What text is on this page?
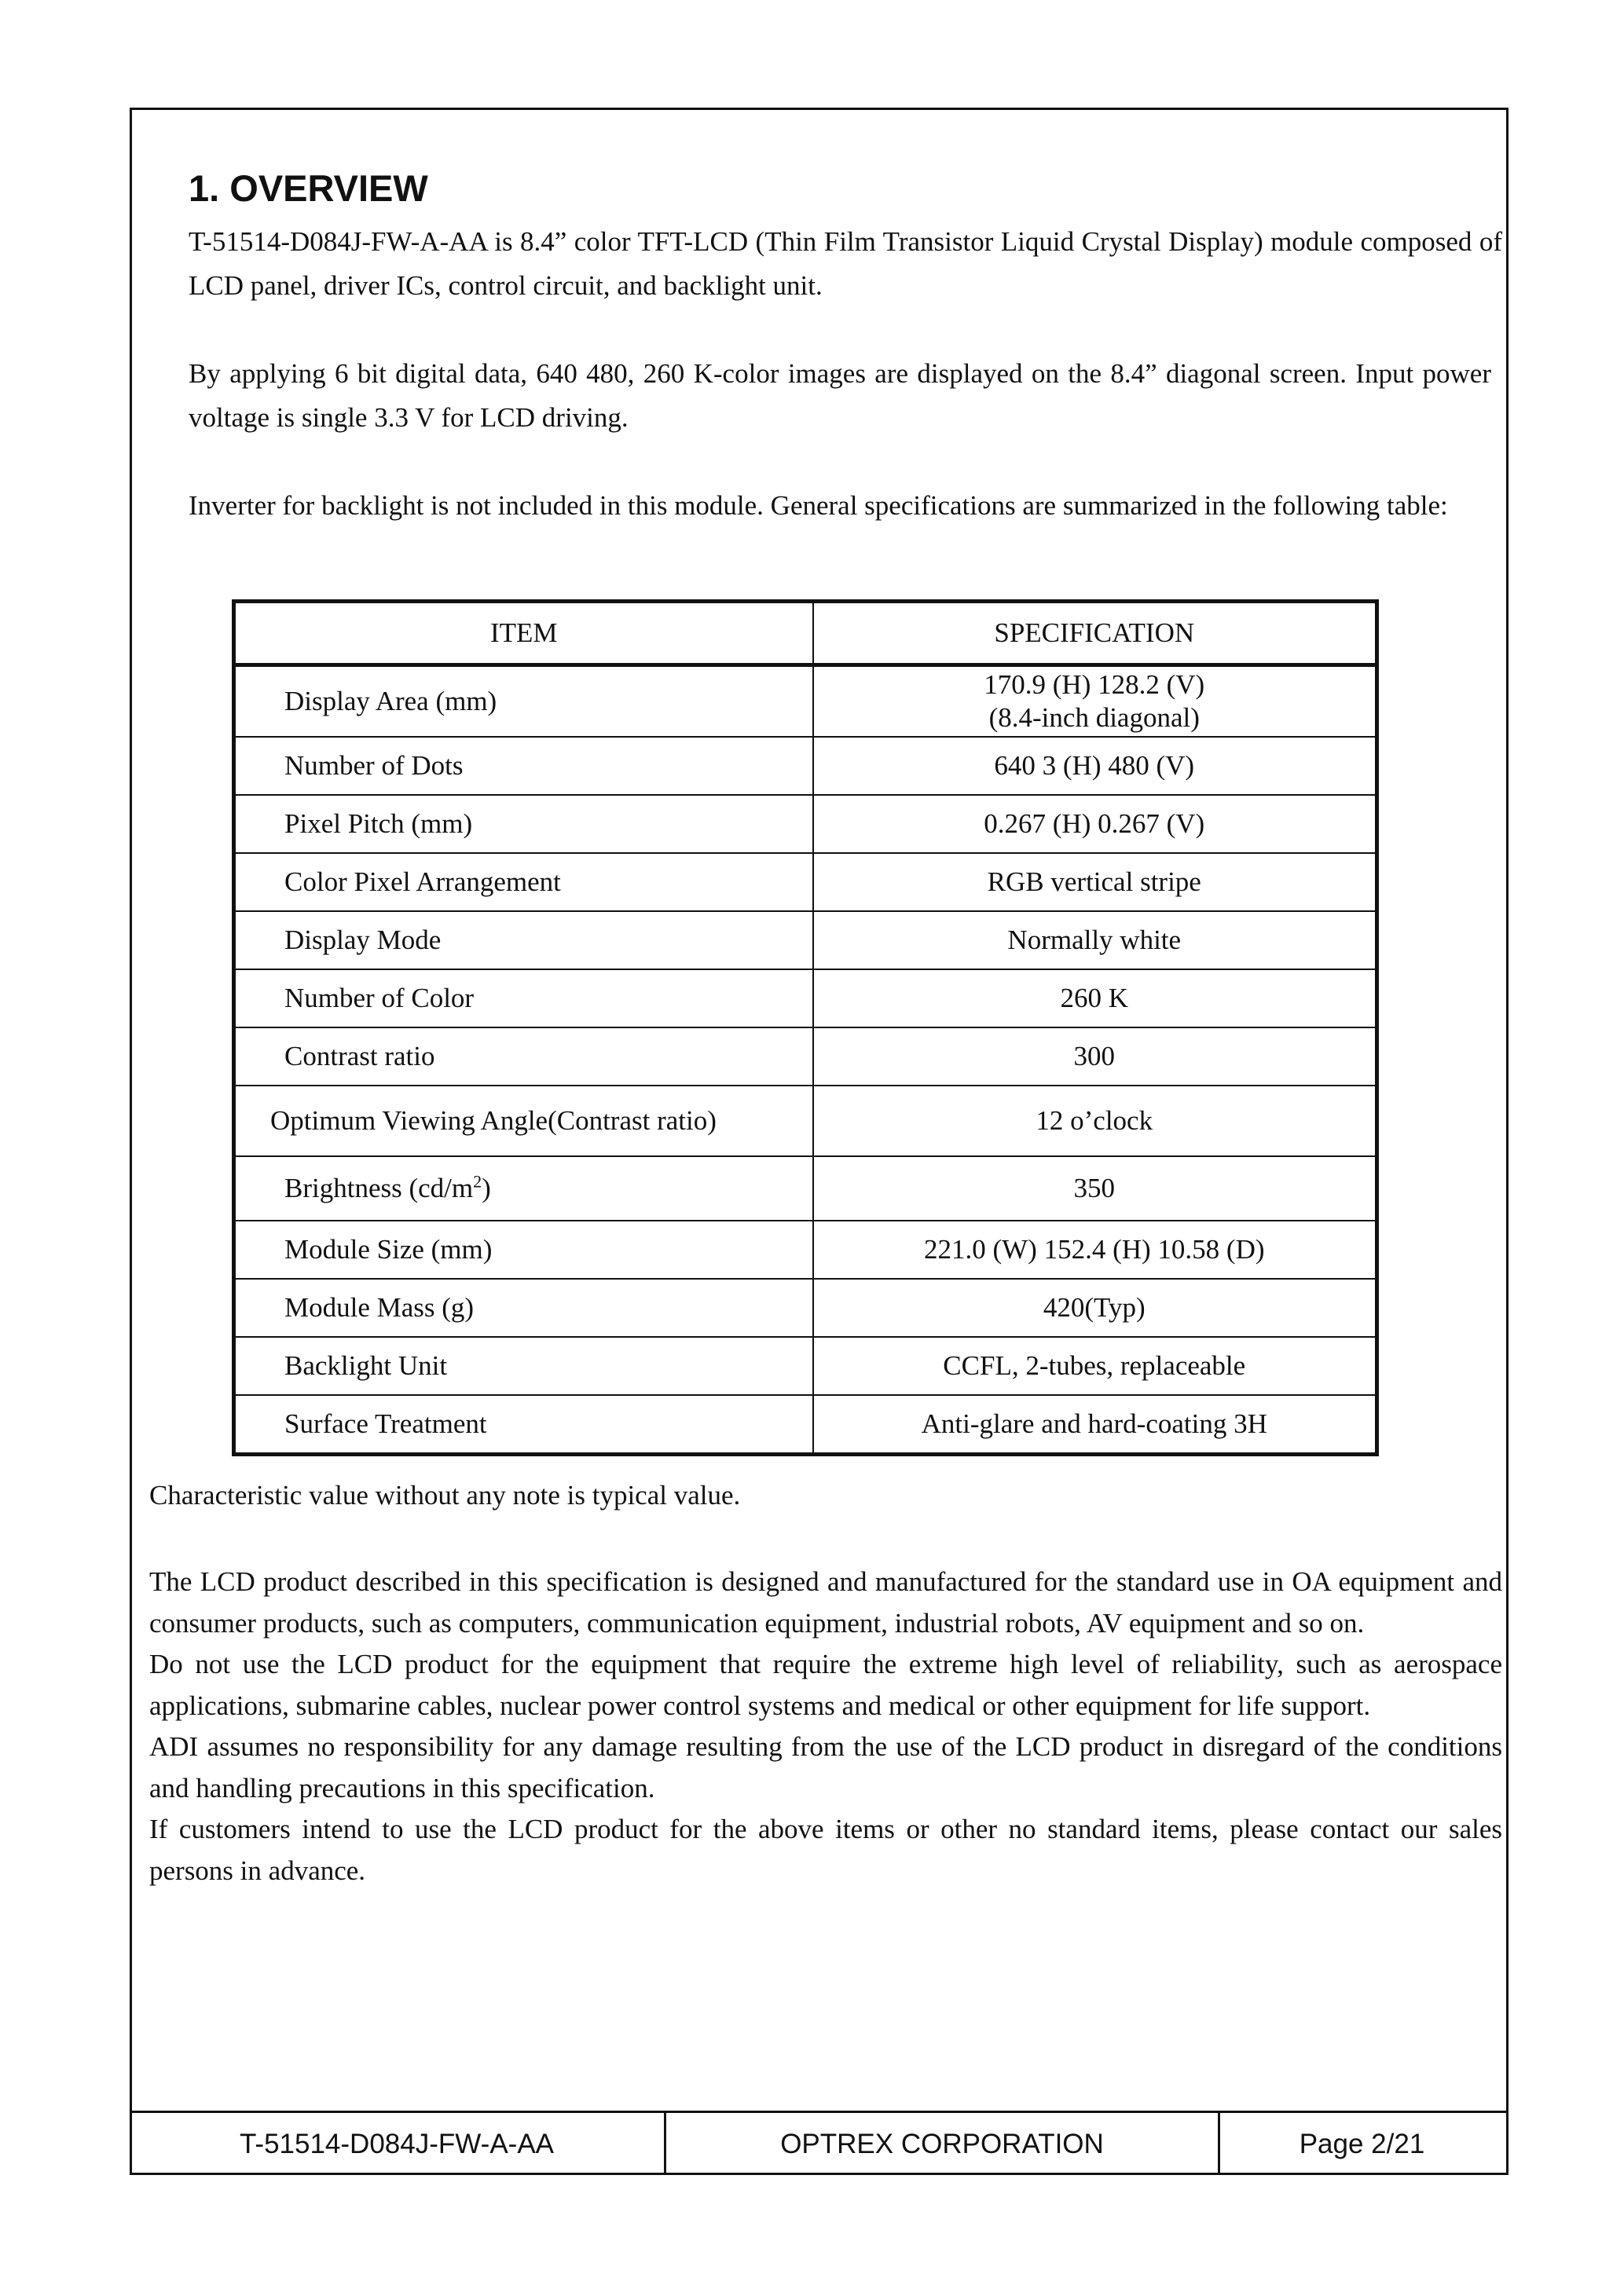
1. OVERVIEW

T-51514-D084J-FW-A-AA is 8.4” color TFT-LCD (Thin Film Transistor Liquid Crystal Display) module composed of LCD panel, driver ICs, control circuit, and backlight unit.

By applying 6 bit digital data, 640 480, 260 K-color images are displayed on the 8.4” diagonal screen. Input power voltage is single 3.3 V for LCD driving.

Inverter for backlight is not included in this module. General specifications are summarized in the following table:

ITEM	SPECIFICATION
Display Area (mm)	170.9 (H) 128.2 (V)
(8.4-inch diagonal)

Number of Dots	640 3 (H) 480 (V)
Pixel Pitch (mm)	0.267 (H) 0.267 (V)
Color Pixel Arrangement	RGB vertical stripe
Display Mode	Normally white
Number of Color	260 K
Contrast ratio	300
Optimum Viewing Angle(Contrast ratio)	12 o’clock
Brightness $(cd/m^2)$	350
Module Size (mm)	221.0 (W) 152.4 (H) 10.58 (D)
Module Mass (g)	420(Typ)
Backlight Unit	CCFL, 2-tubes, replaceable
Surface Treatment	Anti-glare and hard-coating 3H

Characteristic value without any note is typical value.

The LCD product described in this specification is designed and manufactured for the standard use in OA equipment and consumer products, such as computers, communication equipment, industrial robots, AV equipment and so on.
Do not use the LCD product for the equipment that require the extreme high level of reliability, such as aerospace applications, submarine cables, nuclear power control systems and medical or other equipment for life support.
ADI assumes no responsibility for any damage resulting from the use of the LCD product in disregard of the conditions and handling precautions in this specification.
If customers intend to use the LCD product for the above items or other no standard items, please contact our sales persons in advance.
T-51514-D084J-FW-A-AA	OPTREX CORPORATION	Page 2/21
